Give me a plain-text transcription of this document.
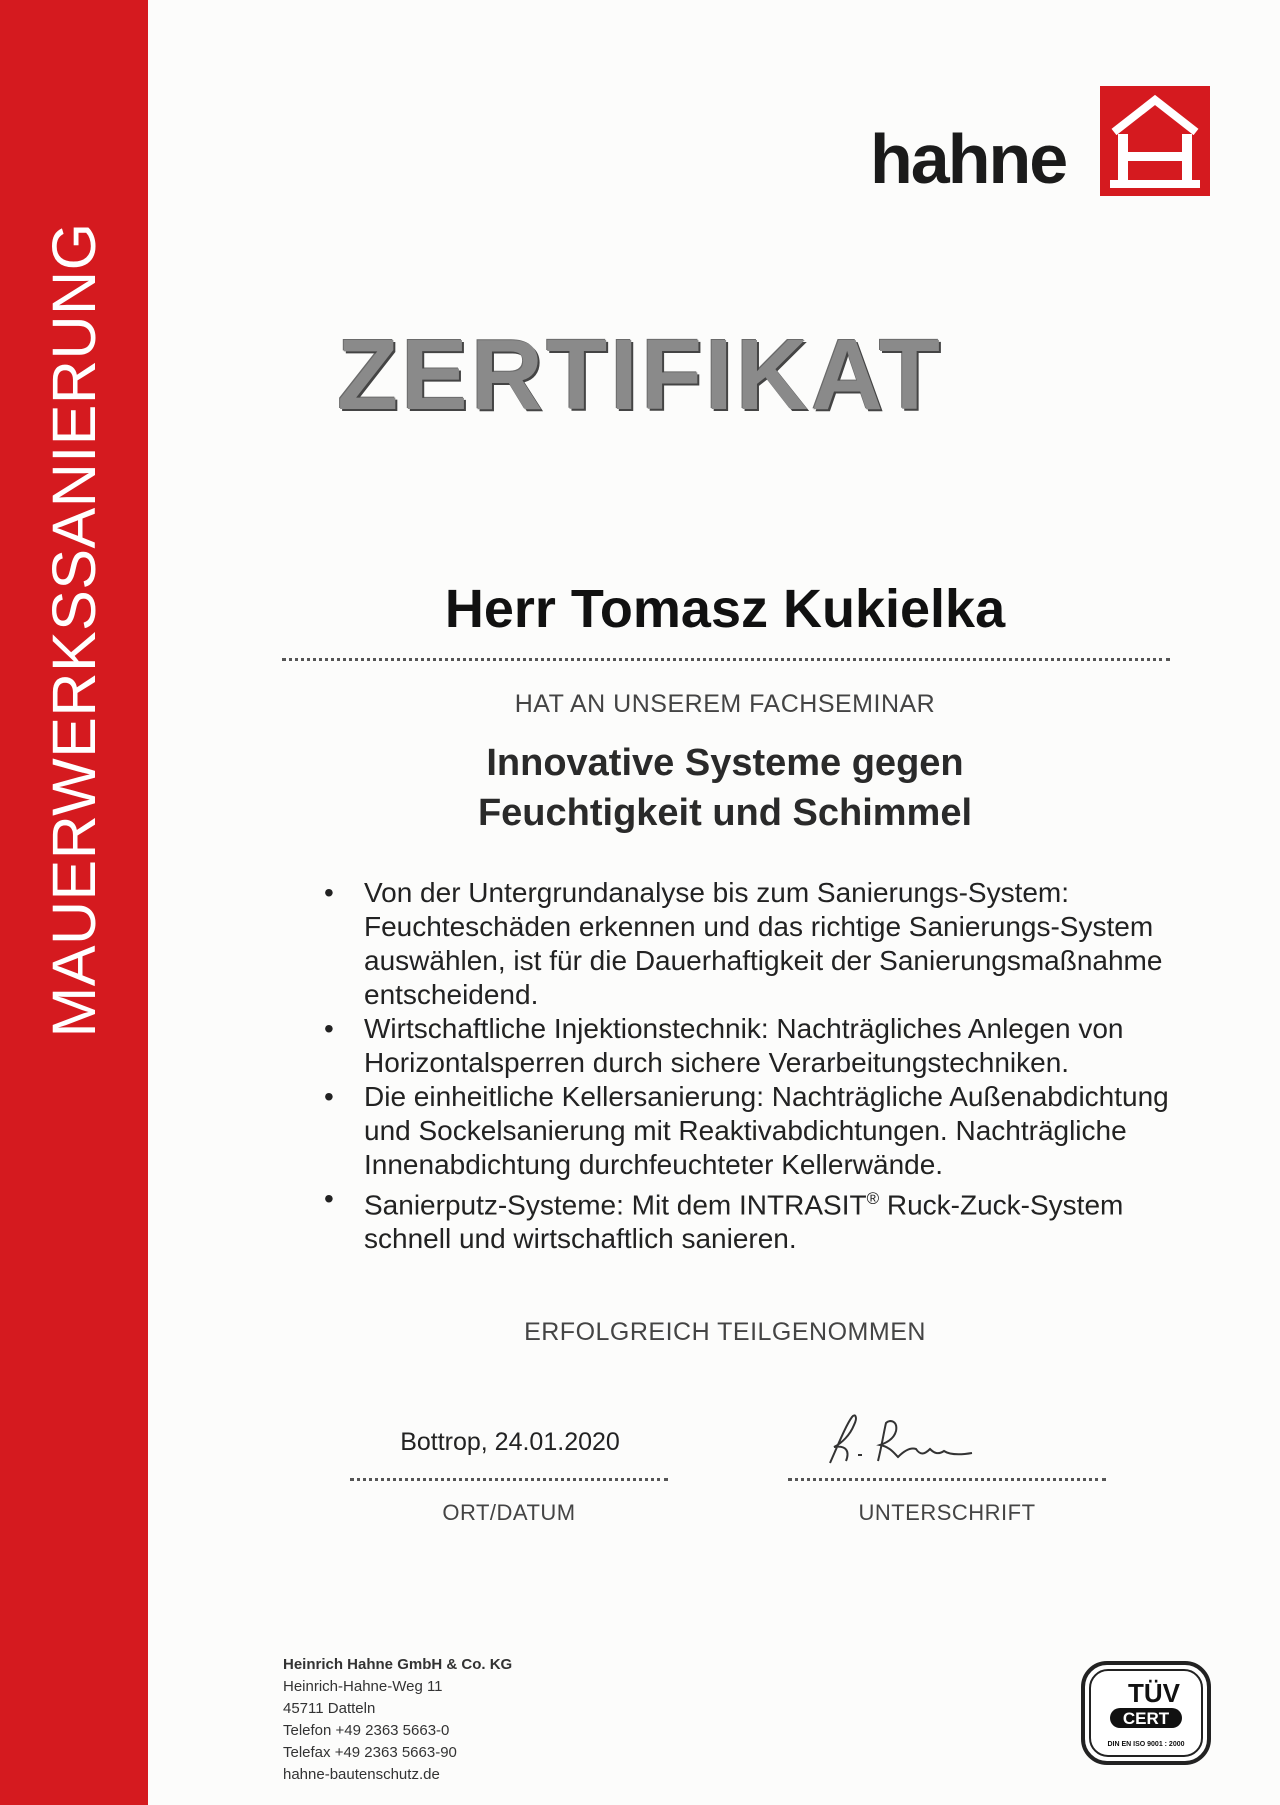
MAUERWERKSSANIERUNG
hahne
ZERTIFIKAT
Herr Tomasz Kukielka
HAT AN UNSEREM FACHSEMINAR
Innovative Systeme gegen
Feuchtigkeit und Schimmel
• Von der Untergrundanalyse bis zum Sanierungs-System: Feuchteschäden erkennen und das richtige Sanierungs-System auswählen, ist für die Dauerhaftigkeit der Sanierungsmaßnahme entscheidend.
• Wirtschaftliche Injektionstechnik: Nachträgliches Anlegen von Horizontalsperren durch sichere Verarbeitungstechniken.
• Die einheitliche Kellersanierung: Nachträgliche Außenabdichtung und Sockelsanierung mit Reaktivabdichtungen. Nachträgliche Innenabdichtung durchfeuchteter Kellerwände.
• Sanierputz-Systeme: Mit dem INTRASIT® Ruck-Zuck-System schnell und wirtschaftlich sanieren.
ERFOLGREICH TEILGENOMMEN
Bottrop, 24.01.2020
ORT/DATUM	UNTERSCHRIFT
Heinrich Hahne GmbH & Co. KG
Heinrich-Hahne-Weg 11
45711 Datteln
Telefon +49 2363 5663-0
Telefax +49 2363 5663-90
hahne-bautenschutz.de
TÜV
CERT
DIN EN ISO 9001 : 2000
